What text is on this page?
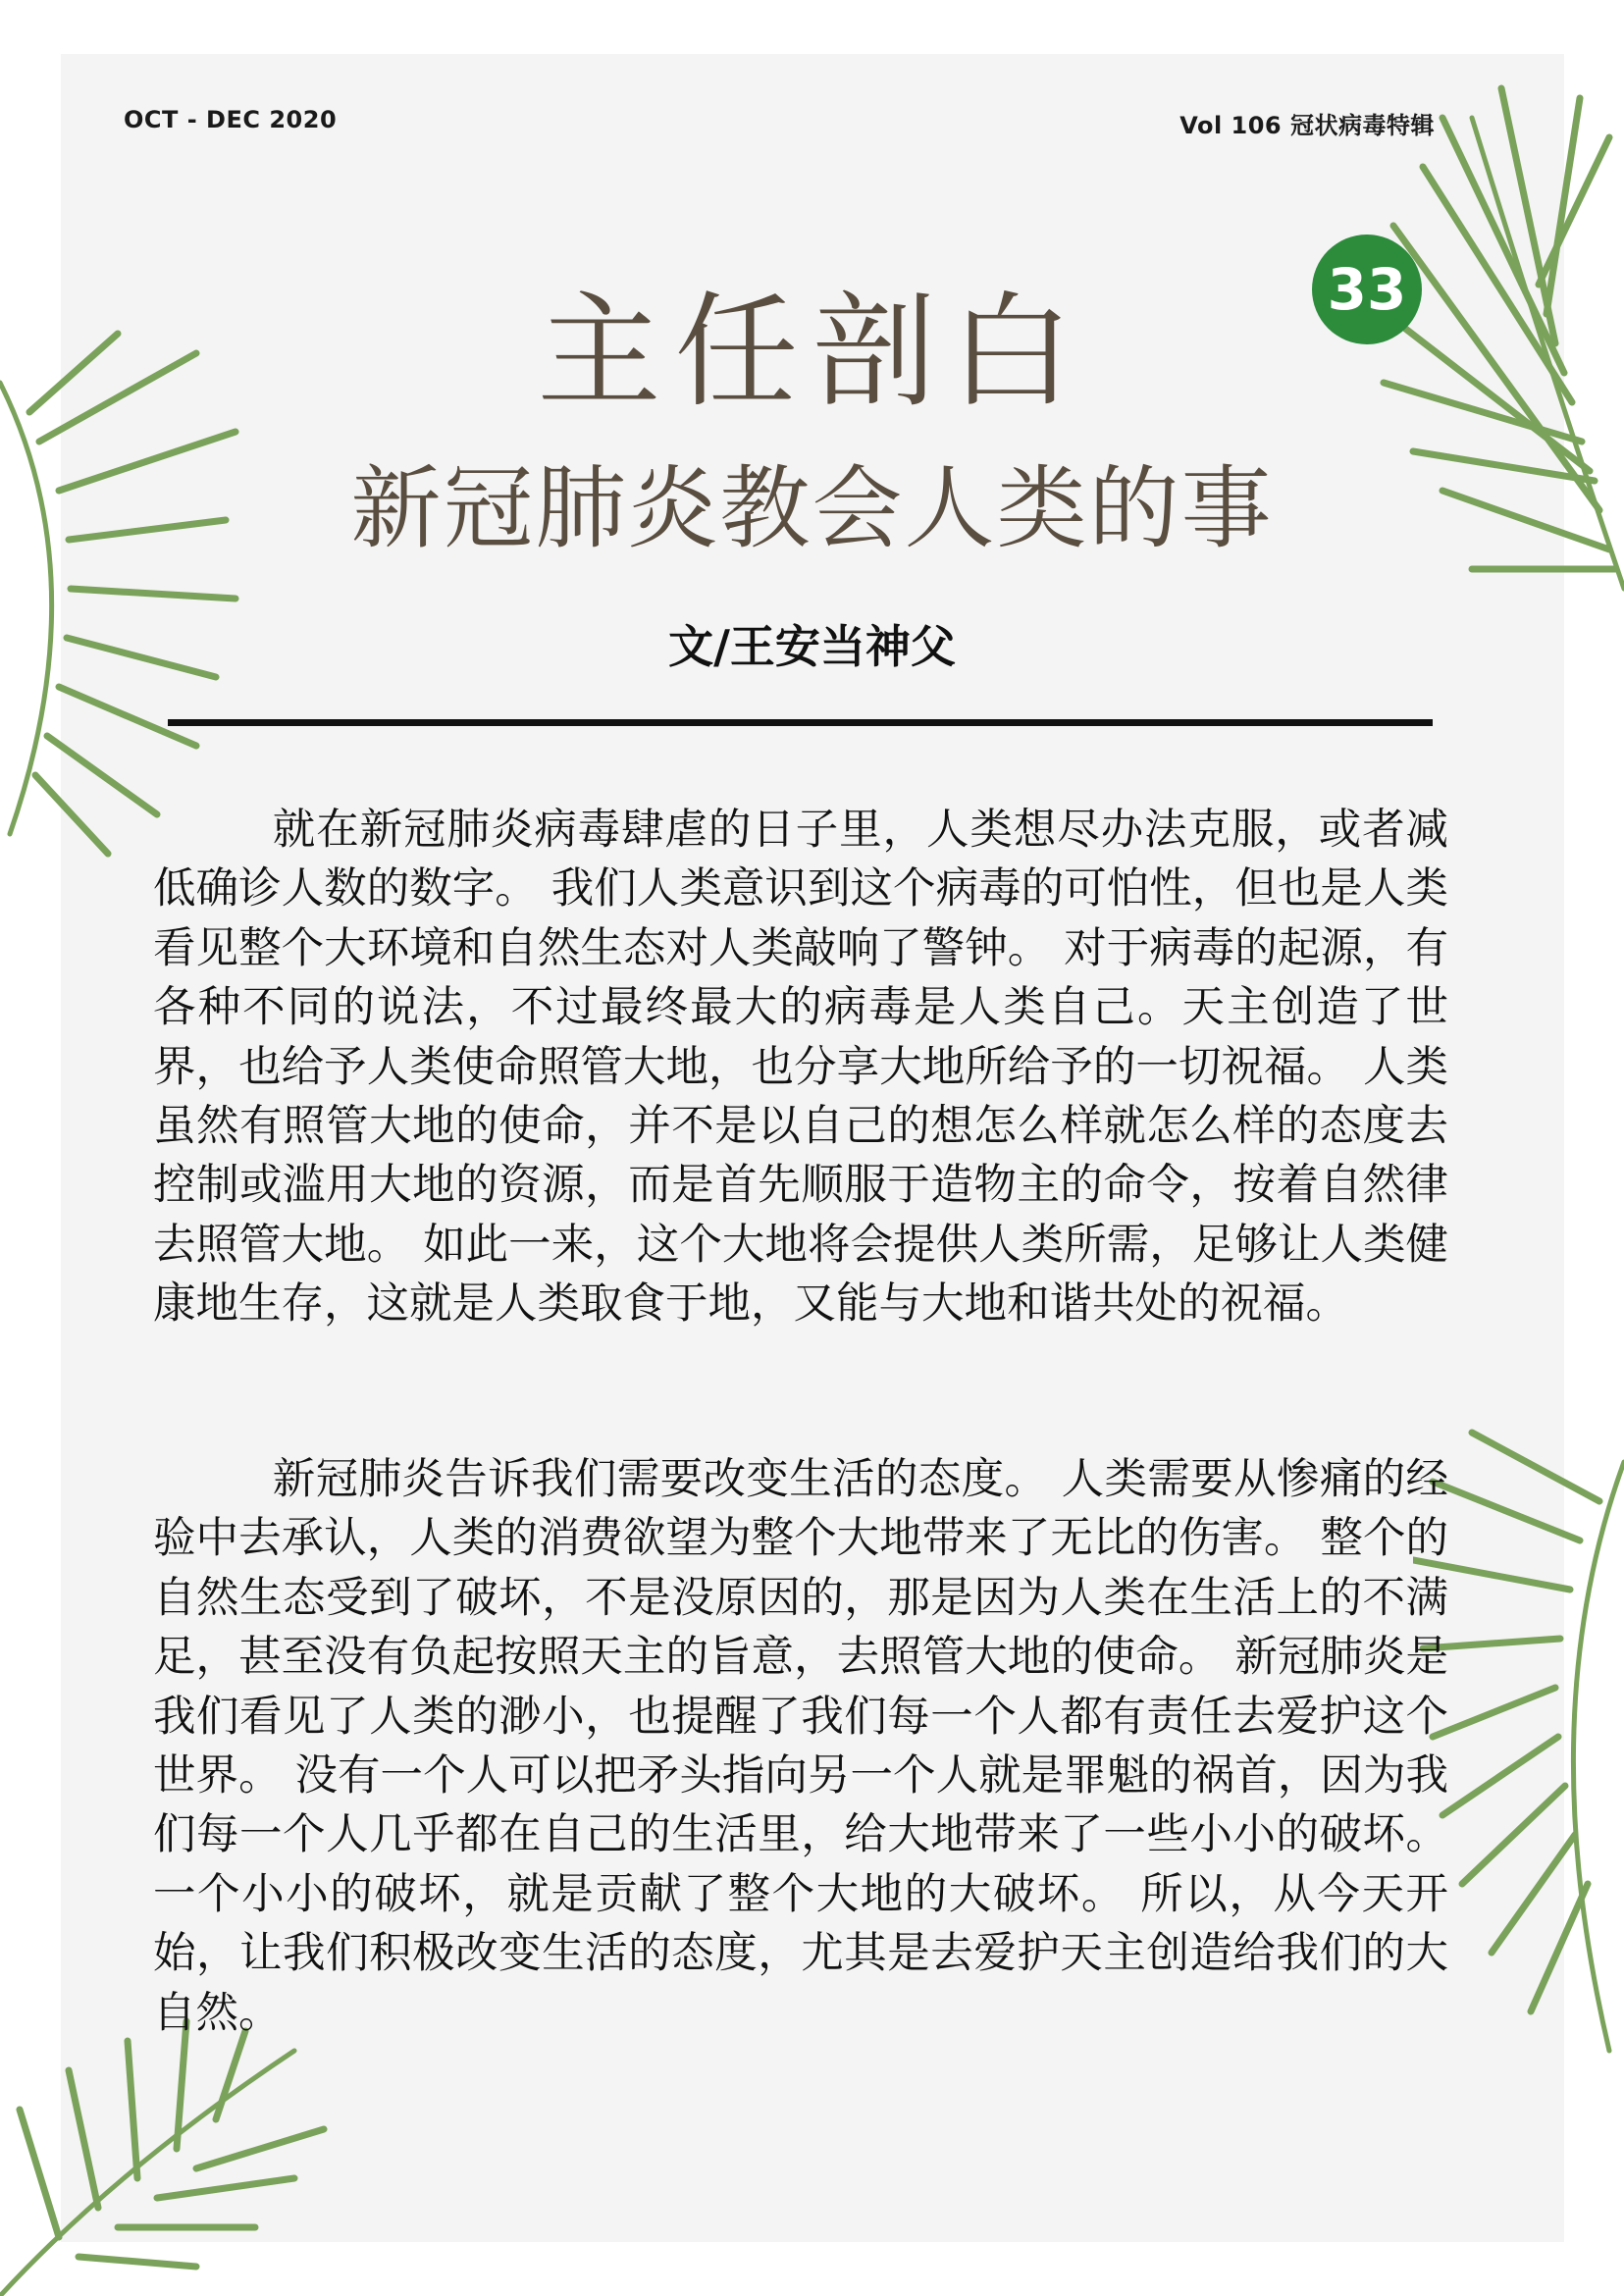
OCT - DEC 2020	Vol 106 冠状病毒特辑
33
主任剖白
新冠肺炎教会人类的事
文/王安当神父

就在新冠肺炎病毒肆虐的日子里，人类想尽办法克服，或者减低确诊人数的数字。 我们人类意识到这个病毒的可怕性，但也是人类看见整个大环境和自然生态对人类敲响了警钟。 对于病毒的起源，有各种不同的说法，不过最终最大的病毒是人类自己。天主创造了世界，也给予人类使命照管大地，也分享大地所给予的一切祝福。 人类虽然有照管大地的使命，并不是以自己的想怎么样就怎么样的态度去控制或滥用大地的资源，而是首先顺服于造物主的命令，按着自然律去照管大地。 如此一来，这个大地将会提供人类所需，足够让人类健康地生存，这就是人类取食于地，又能与大地和谐共处的祝福。

新冠肺炎告诉我们需要改变生活的态度。 人类需要从惨痛的经验中去承认，人类的消费欲望为整个大地带来了无比的伤害。 整个的自然生态受到了破坏，不是没原因的，那是因为人类在生活上的不满足，甚至没有负起按照天主的旨意，去照管大地的使命。 新冠肺炎是我们看见了人类的渺小，也提醒了我们每一个人都有责任去爱护这个世界。 没有一个人可以把矛头指向另一个人就是罪魁的祸首，因为我们每一个人几乎都在自己的生活里，给大地带来了一些小小的破坏。 一个小小的破坏，就是贡献了整个大地的大破坏。 所以，从今天开始，让我们积极改变生活的态度，尤其是去爱护天主创造给我们的大自然。
